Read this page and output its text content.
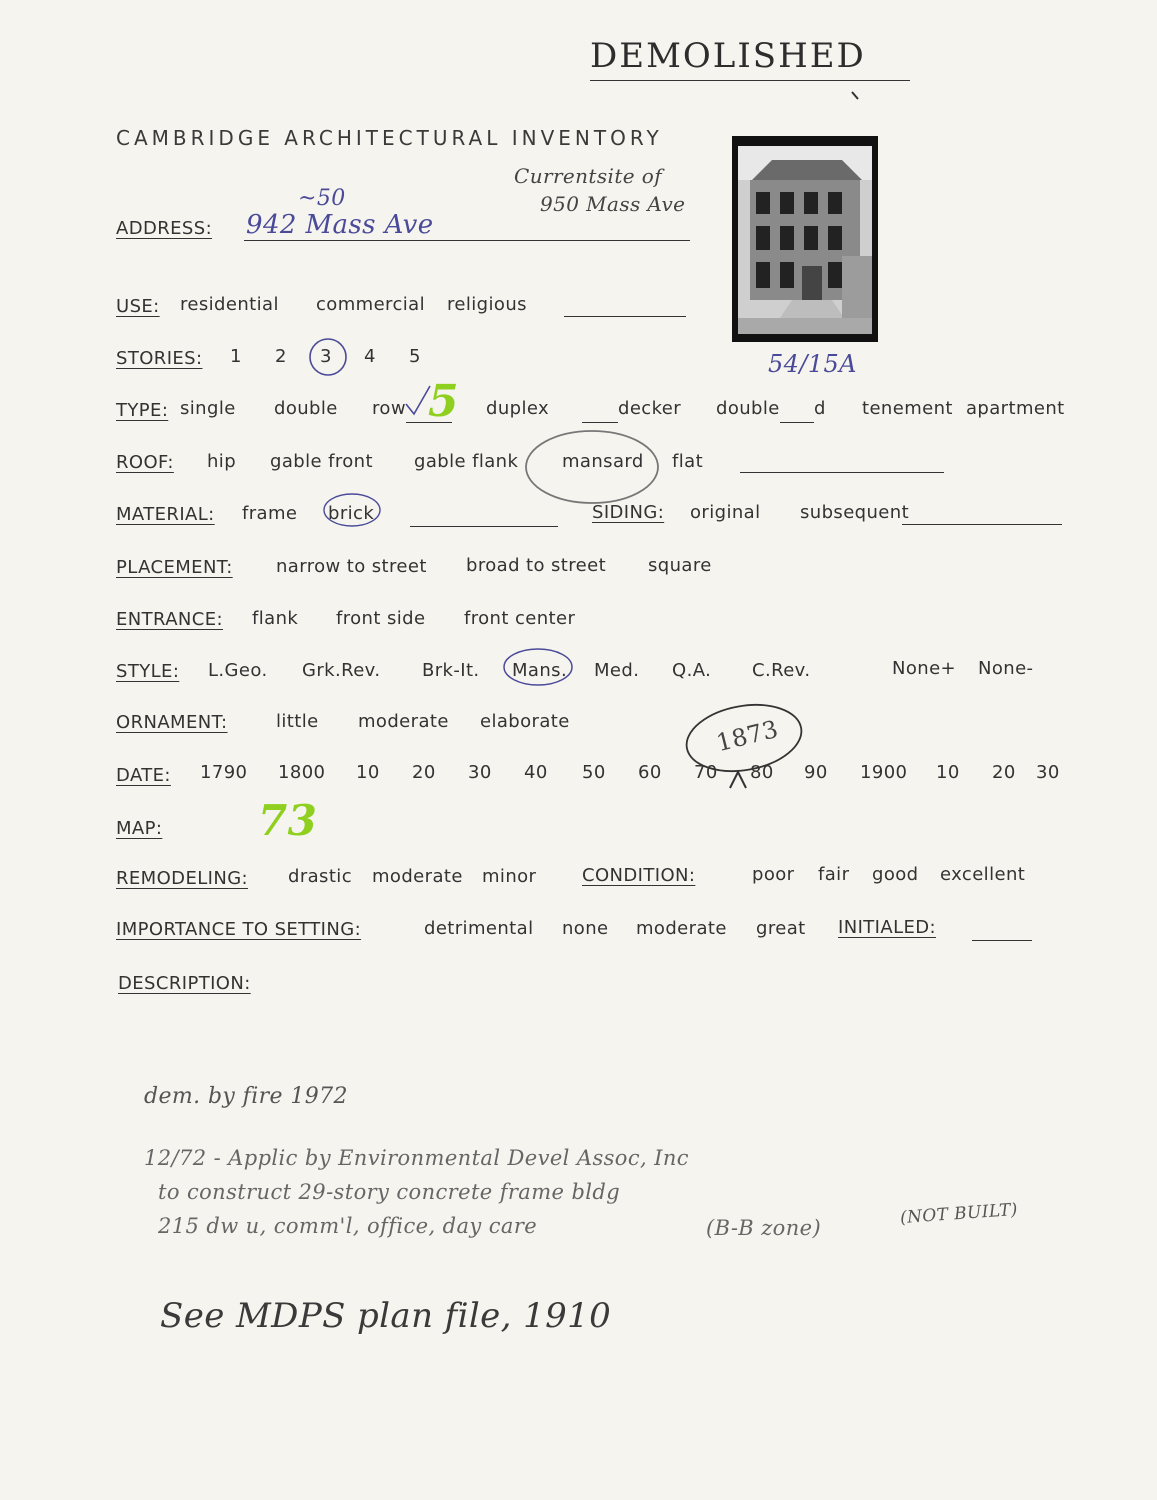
DEMOLISHED
CAMBRIDGE ARCHITECTURAL INVENTORY
54/15A
ADDRESS:
~50
942 Mass Ave
Currentsite of
950 Mass Ave
USE: residential commercial religious
STORIES: 1 2 3 4 5
TYPE: single double row 5 duplex	decker double d tenement apartment
ROOF: hip gable front gable flank mansard flat
MATERIAL: frame brick	SIDING: original subsequent
PLACEMENT: narrow to street broad to street square
ENTRANCE: flank front side front center
STYLE: L.Geo. Grk.Rev. Brk-It. Mans. Med. Q.A. C.Rev.	None+ None-
ORNAMENT:	little moderate elaborate
DATE: 1790 1800 10 20 30 40 50 60 70 80 90 1900 10 20 30
1873
MAP: 73
REMODELING: drastic moderate minor	CONDITION:	poor fair good excellent
IMPORTANCE TO SETTING:	detrimental none moderate great INITIALED:
DESCRIPTION:
dem. by fire 1972
12/72 - Applic by Environmental Devel Assoc, Inc
to construct 29-story concrete frame bldg
215 dw u, comm'l, office, day care	(B-B zone)	(NOT BUILT)
See MDPS plan file, 1910
